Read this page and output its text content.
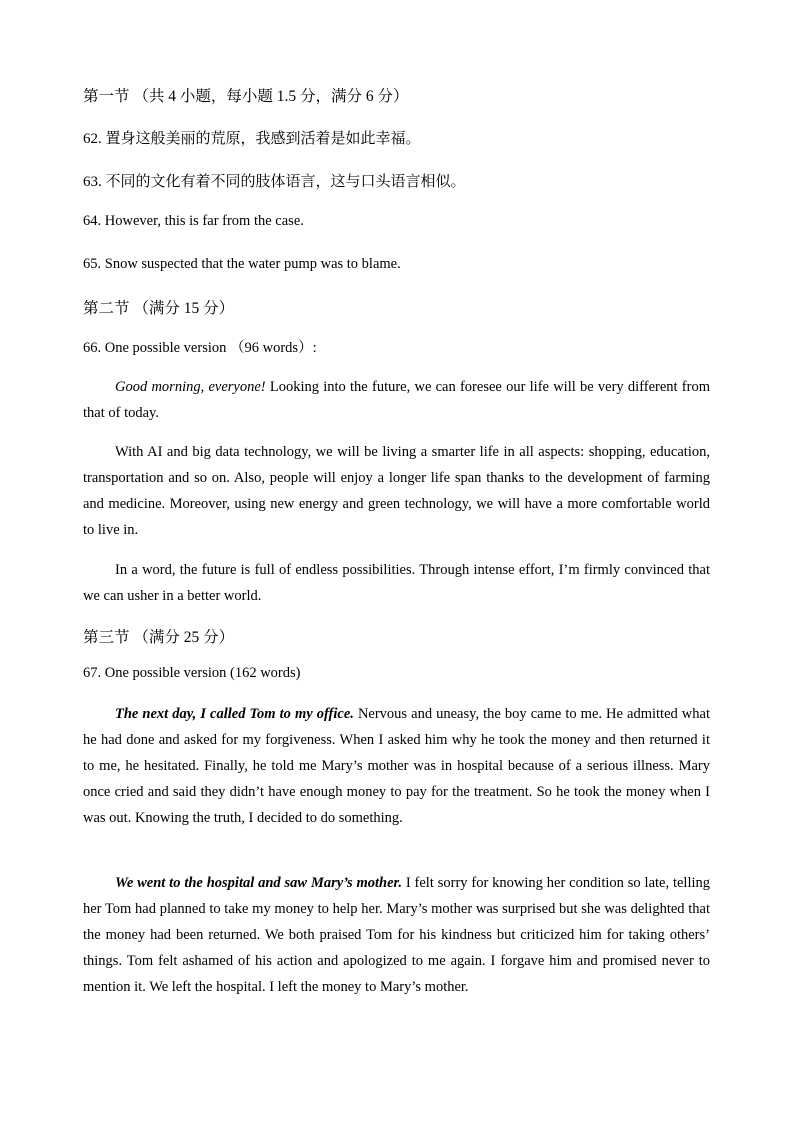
第一节 （共 4 小题，每小题 1.5 分，满分 6 分）
62. 置身这般美丽的荒原，我感到活着是如此幸福。
63. 不同的文化有着不同的肢体语言，这与口头语言相似。
64. However, this is far from the case.
65. Snow suspected that the water pump was to blame.
第二节 （满分 15 分）
66. One possible version （96 words）:
Good morning, everyone! Looking into the future, we can foresee our life will be very different from that of today.
With AI and big data technology, we will be living a smarter life in all aspects: shopping, education, transportation and so on. Also, people will enjoy a longer life span thanks to the development of farming and medicine. Moreover, using new energy and green technology, we will have a more comfortable world to live in.
In a word, the future is full of endless possibilities. Through intense effort, I’m firmly convinced that we can usher in a better world.
第三节 （满分 25 分）
67. One possible version (162 words)
The next day, I called Tom to my office. Nervous and uneasy, the boy came to me. He admitted what he had done and asked for my forgiveness. When I asked him why he took the money and then returned it to me, he hesitated. Finally, he told me Mary’s mother was in hospital because of a serious illness. Mary once cried and said they didn’t have enough money to pay for the treatment. So he took the money when I was out. Knowing the truth, I decided to do something.
We went to the hospital and saw Mary’s mother. I felt sorry for knowing her condition so late, telling her Tom had planned to take my money to help her. Mary’s mother was surprised but she was delighted that the money had been returned. We both praised Tom for his kindness but criticized him for taking others’ things. Tom felt ashamed of his action and apologized to me again. I forgave him and promised never to mention it. We left the hospital. I left the money to Mary’s mother.
